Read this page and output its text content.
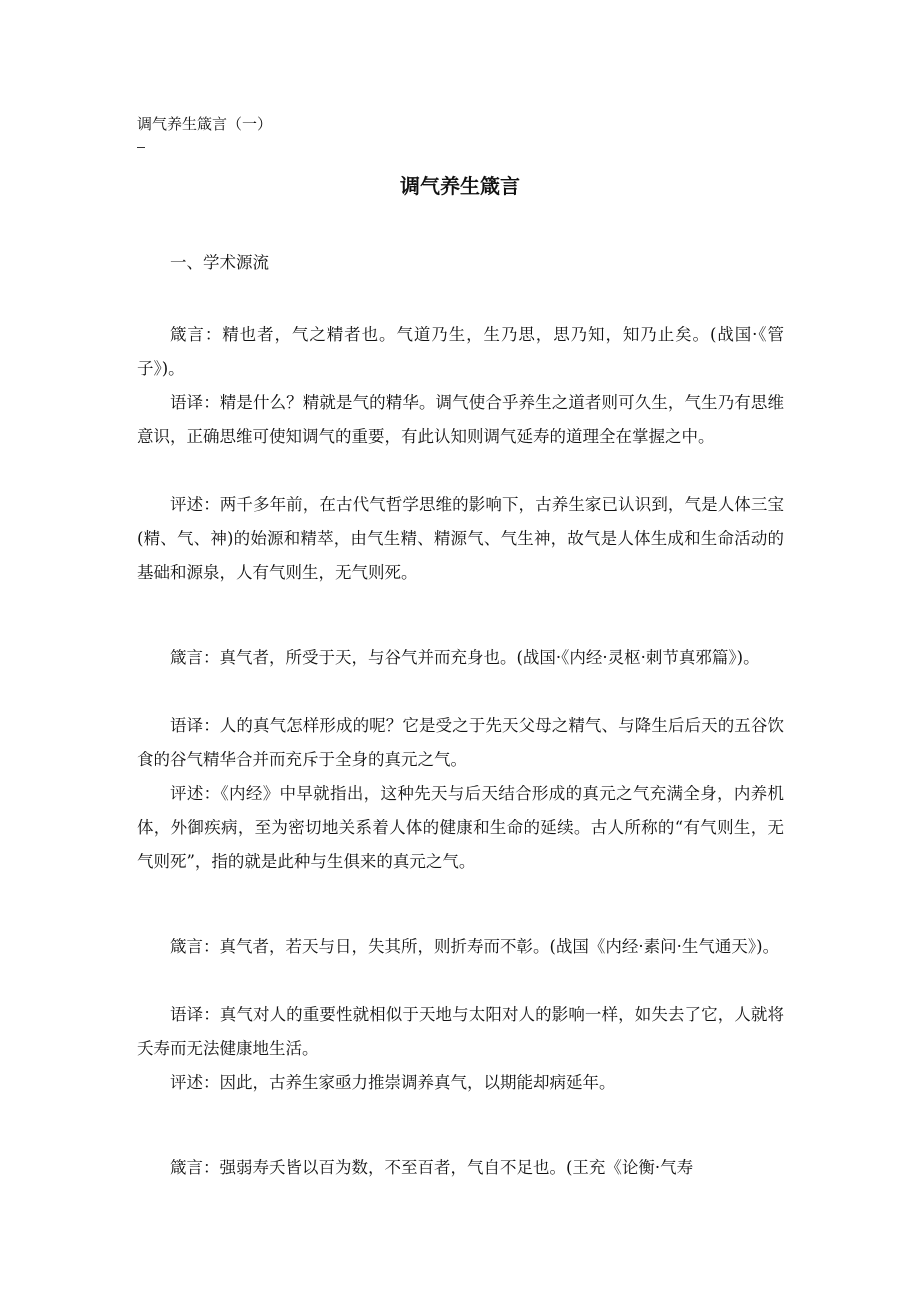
调气养生箴言（一）
调气养生箴言
一、学术源流

箴言：精也者，气之精者也。气道乃生，生乃思，思乃知，知乃止矣。(战国·《管子》)。

语译：精是什么？精就是气的精华。调气使合乎养生之道者则可久生，气生乃有思维意识，正确思维可使知调气的重要，有此认知则调气延寿的道理全在掌握之中。

评述：两千多年前，在古代气哲学思维的影响下，古养生家已认识到，气是人体三宝(精、气、神)的始源和精萃，由气生精、精源气、气生神，故气是人体生成和生命活动的基础和源泉，人有气则生，无气则死。

箴言：真气者，所受于天，与谷气并而充身也。(战国·《内经·灵枢·刺节真邪篇》)。

语译：人的真气怎样形成的呢？它是受之于先天父母之精气、与降生后后天的五谷饮食的谷气精华合并而充斥于全身的真元之气。

评述：《内经》中早就指出，这种先天与后天结合形成的真元之气充满全身，内养机体，外御疾病，至为密切地关系着人体的健康和生命的延续。古人所称的“有气则生，无气则死”，指的就是此种与生俱来的真元之气。

箴言：真气者，若天与日，失其所，则折寿而不彰。(战国《内经·素问·生气通天》)。

语译：真气对人的重要性就相似于天地与太阳对人的影响一样，如失去了它，人就将夭寿而无法健康地生活。

评述：因此，古养生家亟力推崇调养真气，以期能却病延年。

箴言：强弱寿夭皆以百为数，不至百者，气自不足也。(王充《论衡·气寿
